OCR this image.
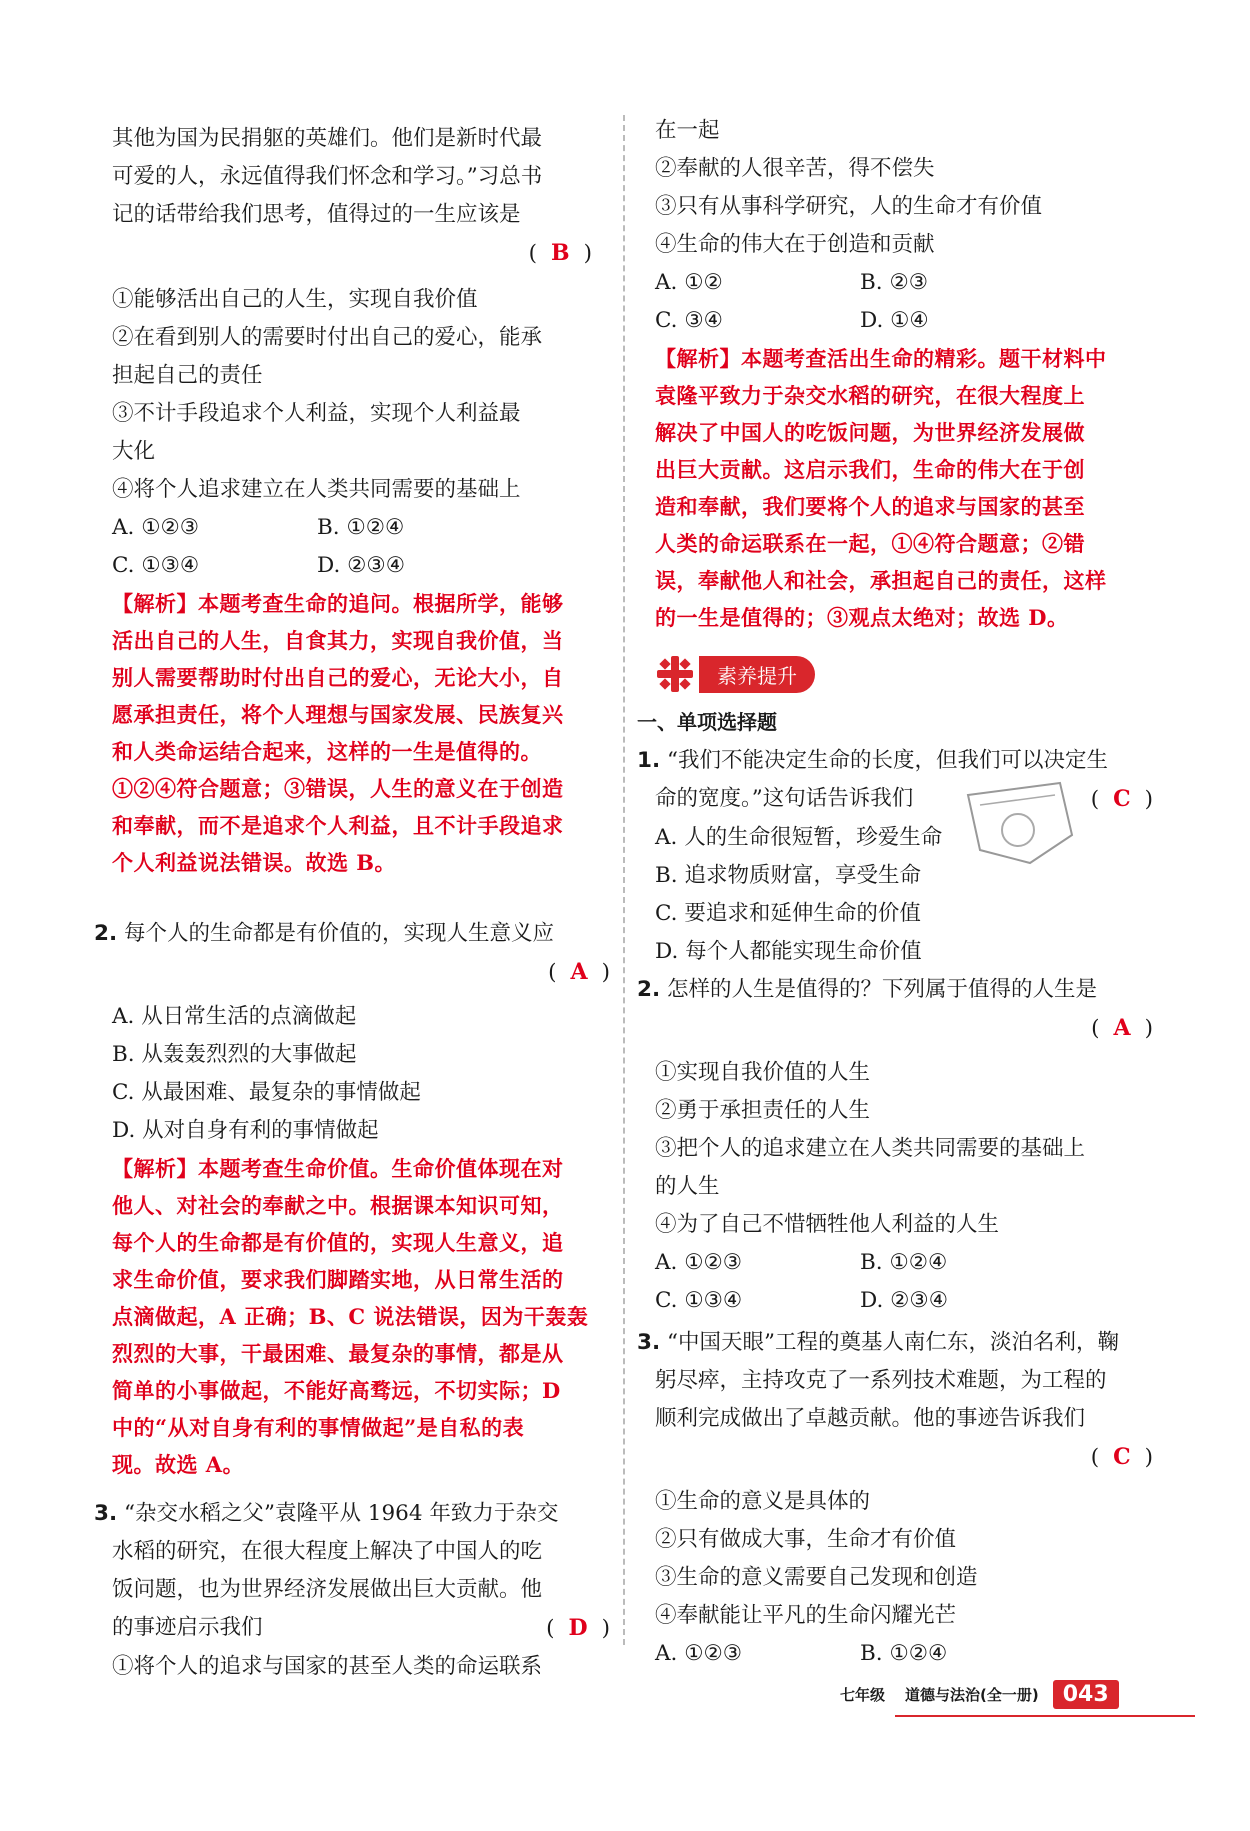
其他为国为民捐躯的英雄们。他们是新时代最
可爱的人，永远值得我们怀念和学习。”习总书
记的话带给我们思考，值得过的一生应该是
( B )
①能够活出自己的人生，实现自我价值
②在看到别人的需要时付出自己的爱心，能承
担起自己的责任
③不计手段追求个人利益，实现个人利益最
大化
④将个人追求建立在人类共同需要的基础上
A. ①②③	B. ①②④
C. ①③④	D. ②③④
【解析】本题考查生命的追问。根据所学，能够
活出自己的人生，自食其力，实现自我价值，当
别人需要帮助时付出自己的爱心，无论大小，自
愿承担责任，将个人理想与国家发展、民族复兴
和人类命运结合起来，这样的一生是值得的。
①②④符合题意；③错误，人生的意义在于创造
和奉献，而不是追求个人利益，且不计手段追求
个人利益说法错误。故选 B。
2. 每个人的生命都是有价值的，实现人生意义应
( A )
A. 从日常生活的点滴做起
B. 从轰轰烈烈的大事做起
C. 从最困难、最复杂的事情做起
D. 从对自身有利的事情做起
【解析】本题考查生命价值。生命价值体现在对
他人、对社会的奉献之中。根据课本知识可知，
每个人的生命都是有价值的，实现人生意义，追
求生命价值，要求我们脚踏实地，从日常生活的
点滴做起，A 正确；B、C 说法错误，因为干轰轰
烈烈的大事，干最困难、最复杂的事情，都是从
简单的小事做起，不能好高骛远，不切实际；D
中的“从对自身有利的事情做起”是自私的表
现。故选 A。
3. “杂交水稻之父”袁隆平从 1964 年致力于杂交
水稻的研究，在很大程度上解决了中国人的吃
饭问题，也为世界经济发展做出巨大贡献。他
的事迹启示我们	( D )
①将个人的追求与国家的甚至人类的命运联系
在一起
②奉献的人很辛苦，得不偿失
③只有从事科学研究，人的生命才有价值
④生命的伟大在于创造和贡献
A. ①②	B. ②③
C. ③④	D. ①④
【解析】本题考查活出生命的精彩。题干材料中
袁隆平致力于杂交水稻的研究，在很大程度上
解决了中国人的吃饭问题，为世界经济发展做
出巨大贡献。这启示我们，生命的伟大在于创
造和奉献，我们要将个人的追求与国家的甚至
人类的命运联系在一起，①④符合题意；②错
误，奉献他人和社会，承担起自己的责任，这样
的一生是值得的；③观点太绝对；故选 D。
素养提升
一、单项选择题
1. “我们不能决定生命的长度，但我们可以决定生
命的宽度。”这句话告诉我们	( C )
A. 人的生命很短暂，珍爱生命
B. 追求物质财富，享受生命
C. 要追求和延伸生命的价值
D. 每个人都能实现生命价值
2. 怎样的人生是值得的？下列属于值得的人生是
( A )
①实现自我价值的人生
②勇于承担责任的人生
③把个人的追求建立在人类共同需要的基础上
的人生
④为了自己不惜牺牲他人利益的人生
A. ①②③	B. ①②④
C. ①③④	D. ②③④
3. “中国天眼”工程的奠基人南仁东，淡泊名利，鞠
躬尽瘁，主持攻克了一系列技术难题，为工程的
顺利完成做出了卓越贡献。他的事迹告诉我们
( C )
①生命的意义是具体的
②只有做成大事，生命才有价值
③生命的意义需要自己发现和创造
④奉献能让平凡的生命闪耀光芒
A. ①②③	B. ①②④
七年级 道德与法治(全一册)	043
